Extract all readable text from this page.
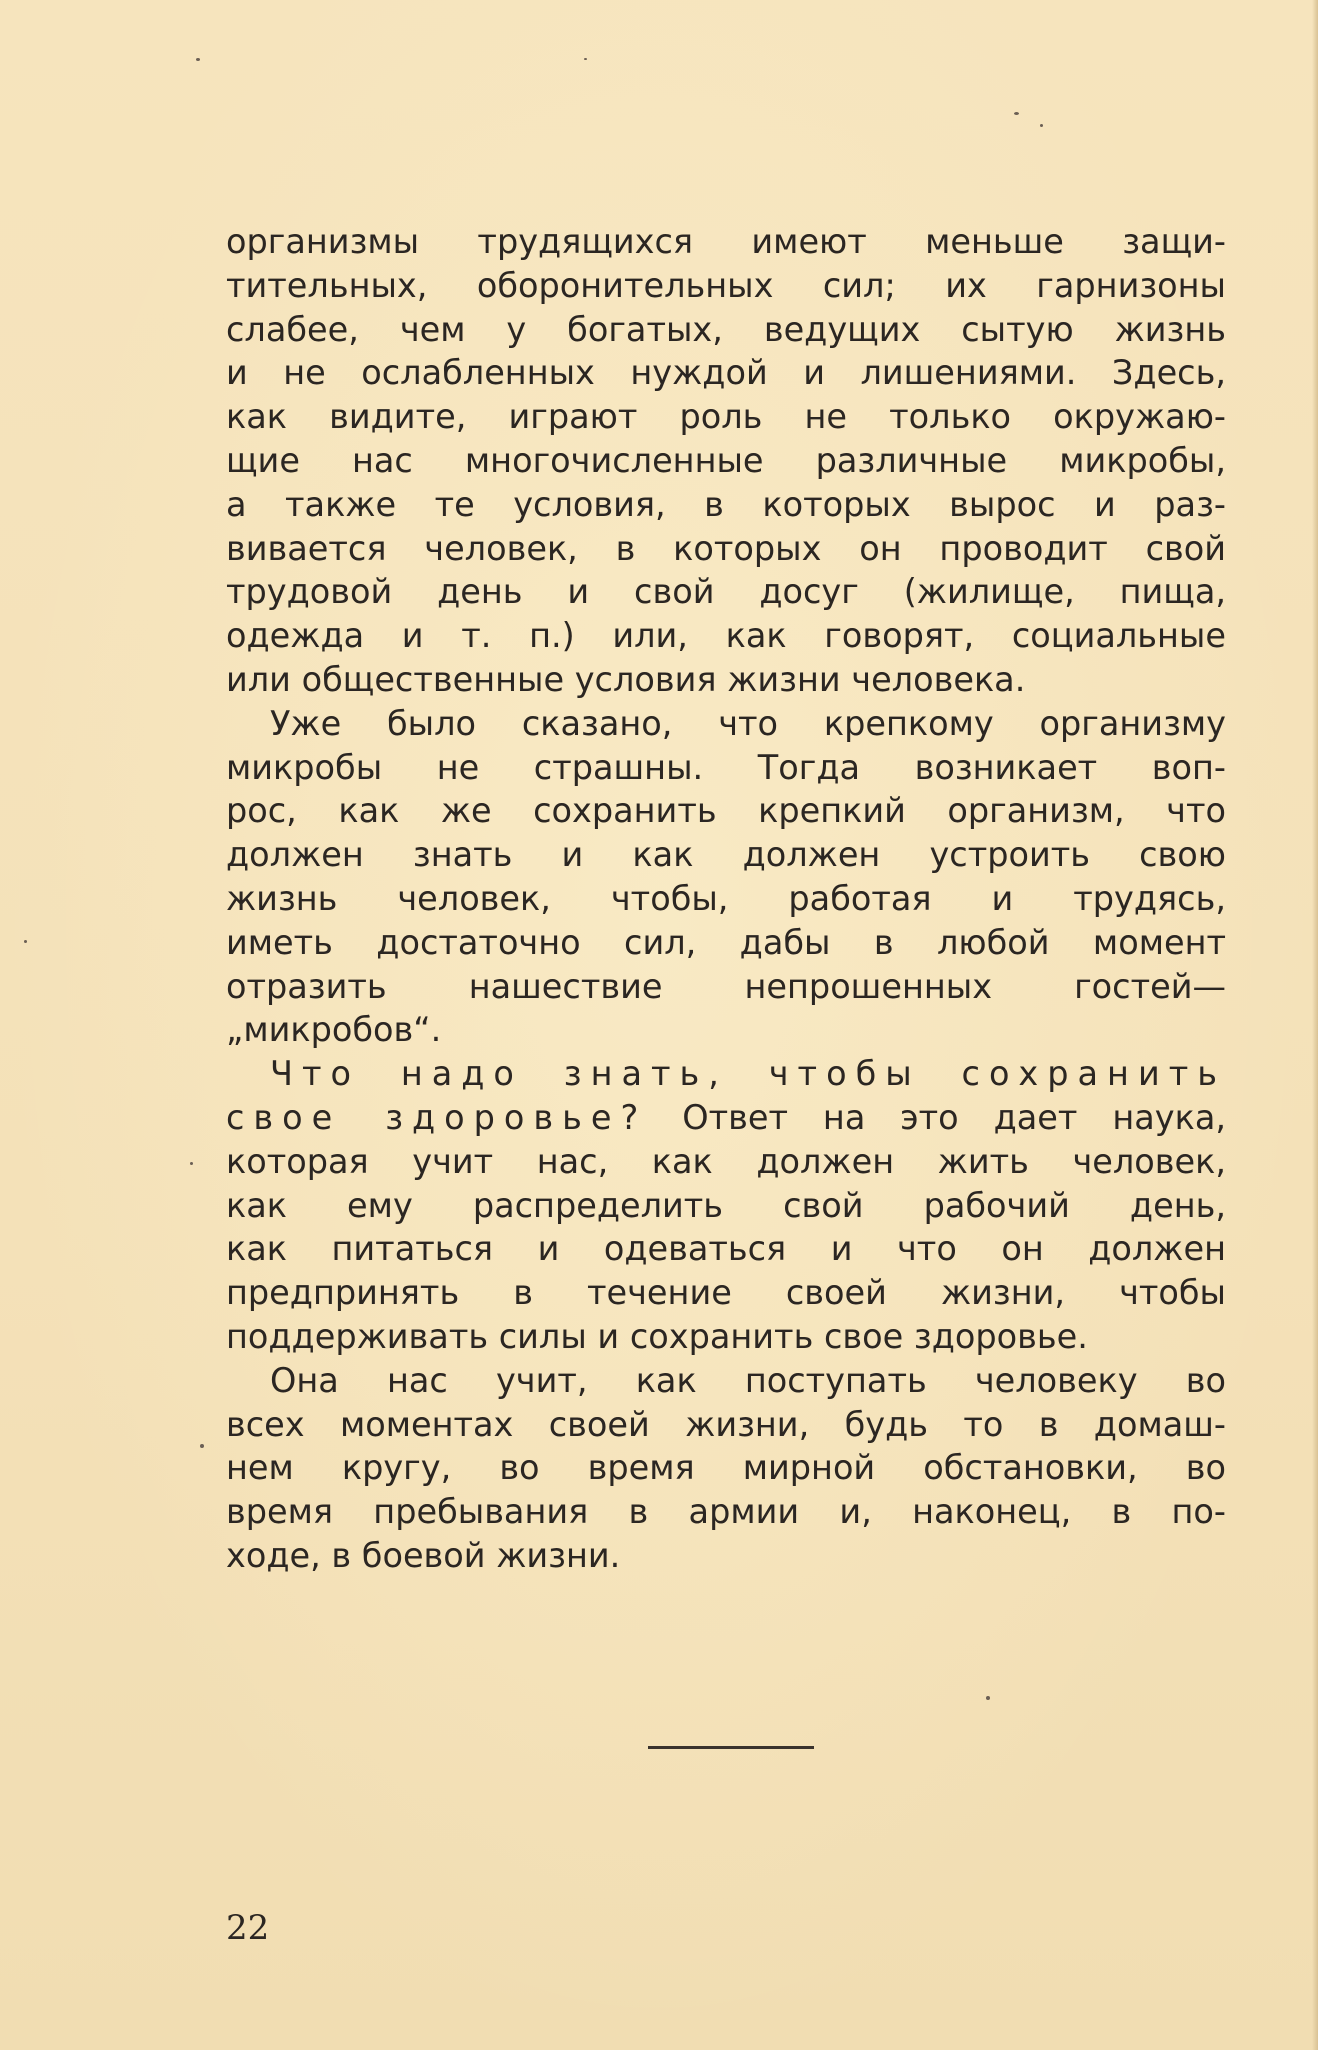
организмы трудящихся имеют меньше защи-
тительных, оборонительных сил; их гарнизоны
слабее, чем у богатых, ведущих сытую жизнь
и не ослабленных нуждой и лишениями. Здесь,
как видите, играют роль не только окружаю-
щие нас многочисленные различные микробы,
а также те условия, в которых вырос и раз-
вивается человек, в которых он проводит свой
трудовой день и свой досуг (жилище, пища,
одежда и т. п.) или, как говорят, социальные
или общественные условия жизни человека.
Уже было сказано, что крепкому организму
микробы не страшны. Тогда возникает воп-
рос, как же сохранить крепкий организм, что
должен знать и как должен устроить свою
жизнь человек, чтобы, работая и трудясь,
иметь достаточно сил, дабы в любой момент
отразить нашествие непрошенных гостей—
„микробов“.
Что надо знать, чтобы сохранить
свое здоровье? Ответ на это дает наука,
которая учит нас, как должен жить человек,
как ему распределить свой рабочий день,
как питаться и одеваться и что он должен
предпринять в течение своей жизни, чтобы
поддерживать силы и сохранить свое здоровье.
Она нас учит, как поступать человеку во
всех моментах своей жизни, будь то в домаш-
нем кругу, во время мирной обстановки, во
время пребывания в армии и, наконец, в по-
ходе, в боевой жизни.
22
